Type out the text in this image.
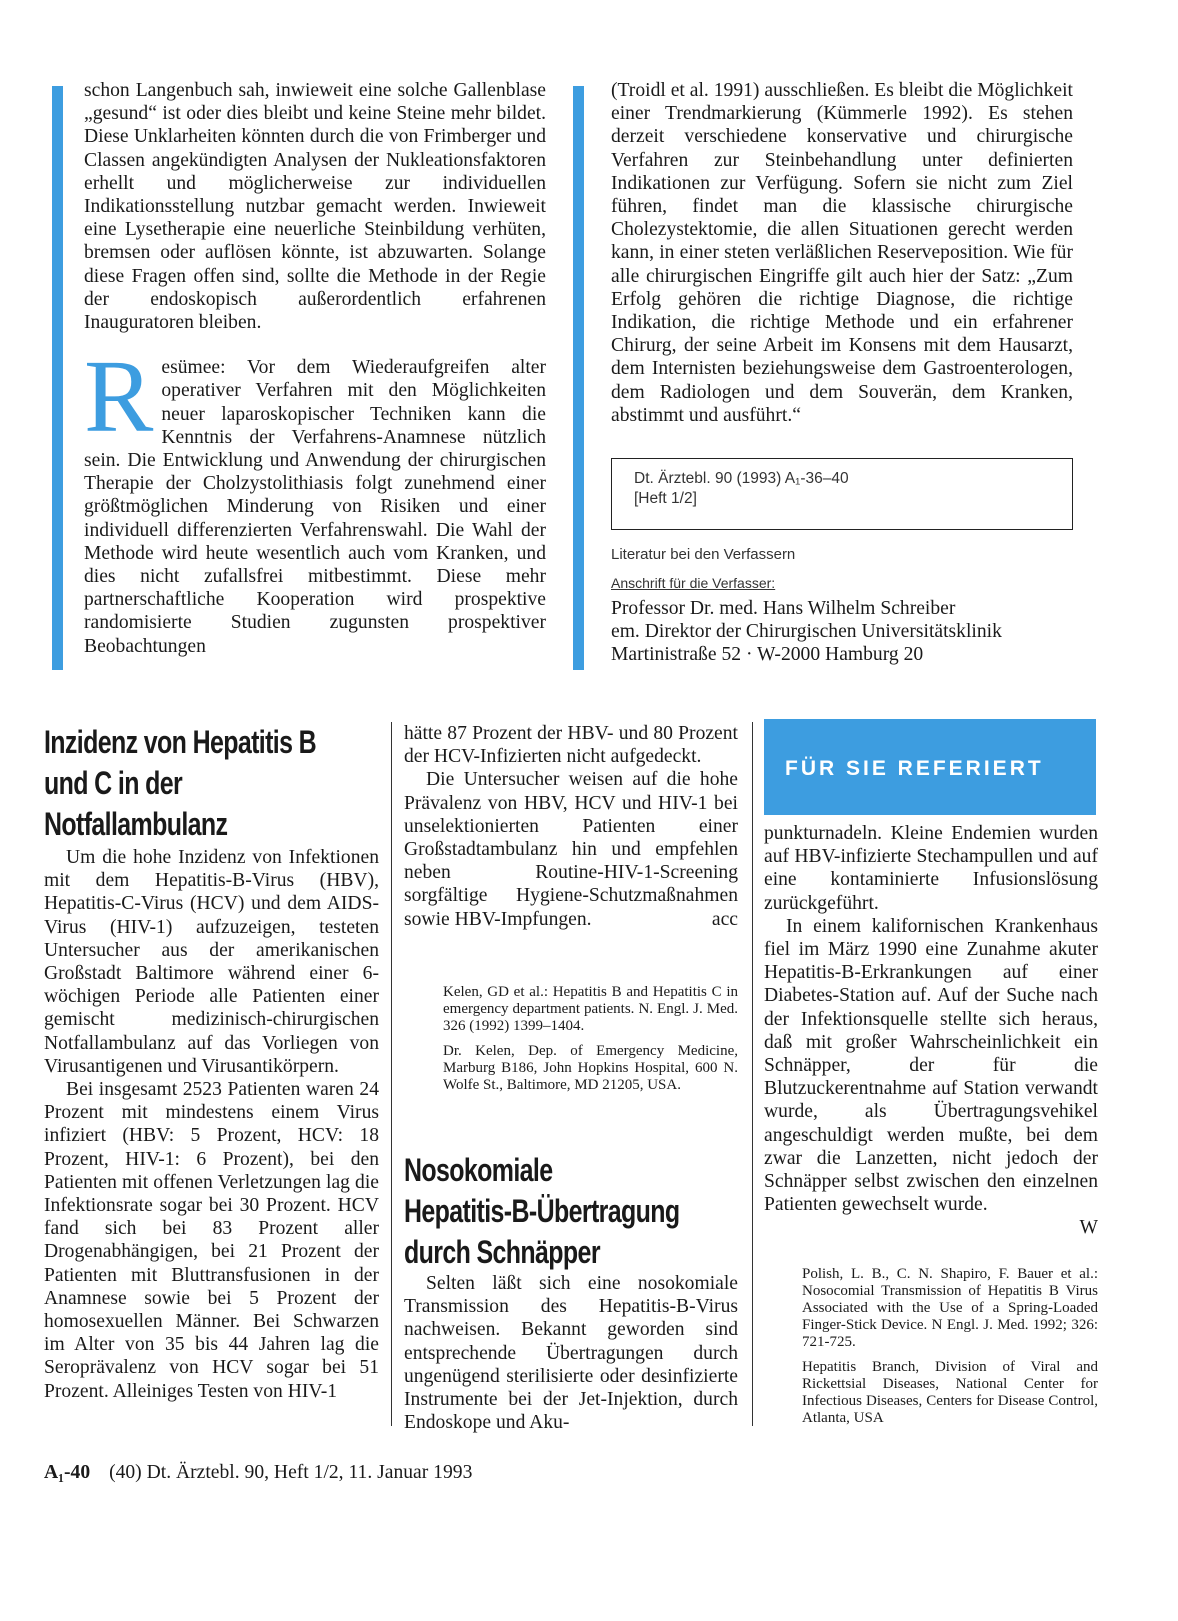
schon Langenbuch sah, inwieweit eine solche Gallenblase „gesund“ ist oder dies bleibt und keine Steine mehr bildet. Diese Unklarheiten könnten durch die von Frimberger und Classen angekündigten Analysen der Nukleationsfaktoren erhellt und möglicherweise zur individuellen Indikationsstellung nutzbar gemacht werden. Inwieweit eine Lysetherapie eine neuerliche Steinbildung verhüten, bremsen oder auflösen könnte, ist abzuwarten. Solange diese Fragen offen sind, sollte die Methode in der Regie der endoskopisch außerordentlich erfahrenen Inauguratoren bleiben.

Resümee: Vor dem Wiederaufgreifen alter operativer Verfahren mit den Möglichkeiten neuer laparoskopischer Techniken kann die Kenntnis der Verfahrens-Anamnese nützlich sein. Die Entwicklung und Anwendung der chirurgischen Therapie der Cholzystolithiasis folgt zunehmend einer größtmöglichen Minderung von Risiken und einer individuell differenzierten Verfahrenswahl. Die Wahl der Methode wird heute wesentlich auch vom Kranken, und dies nicht zufallsfrei mitbestimmt. Diese mehr partnerschaftliche Kooperation wird prospektive randomisierte Studien zugunsten prospektiver Beobachtungen

(Troidl et al. 1991) ausschließen. Es bleibt die Möglichkeit einer Trendmarkierung (Kümmerle 1992). Es stehen derzeit verschiedene konservative und chirurgische Verfahren zur Steinbehandlung unter definierten Indikationen zur Verfügung. Sofern sie nicht zum Ziel führen, findet man die klassische chirurgische Cholezystektomie, die allen Situationen gerecht werden kann, in einer steten verläßlichen Reserveposition. Wie für alle chirurgischen Eingriffe gilt auch hier der Satz: „Zum Erfolg gehören die richtige Diagnose, die richtige Indikation, die richtige Methode und ein erfahrener Chirurg, der seine Arbeit im Konsens mit dem Hausarzt, dem Internisten beziehungsweise dem Gastroenterologen, dem Radiologen und dem Souverän, dem Kranken, abstimmt und ausführt.“

Dt. Ärztebl. 90 (1993) A₁-36–40
[Heft 1/2]
Literatur bei den Verfassern
Anschrift für die Verfasser:
Professor Dr. med. Hans Wilhelm Schreiber
em. Direktor der Chirurgischen Universitätsklinik
Martinistraße 52 · W-2000 Hamburg 20
Inzidenz von Hepatitis B
und C in der
Notfallambulanz

Um die hohe Inzidenz von Infektionen mit dem Hepatitis-B-Virus (HBV), Hepatitis-C-Virus (HCV) und dem AIDS-Virus (HIV-1) aufzuzeigen, testeten Untersucher aus der amerikanischen Großstadt Baltimore während einer 6-wöchigen Periode alle Patienten einer gemischt medizinisch-chirurgischen Notfallambulanz auf das Vorliegen von Virusantigenen und Virusantikörpern.

Bei insgesamt 2523 Patienten waren 24 Prozent mit mindestens einem Virus infiziert (HBV: 5 Prozent, HCV: 18 Prozent, HIV-1: 6 Prozent), bei den Patienten mit offenen Verletzungen lag die Infektionsrate sogar bei 30 Prozent. HCV fand sich bei 83 Prozent aller Drogenabhängigen, bei 21 Prozent der Patienten mit Bluttransfusionen in der Anamnese sowie bei 5 Prozent der homosexuellen Männer. Bei Schwarzen im Alter von 35 bis 44 Jahren lag die Seroprävalenz von HCV sogar bei 51 Prozent. Alleiniges Testen von HIV-1

hätte 87 Prozent der HBV- und 80 Prozent der HCV-Infizierten nicht aufgedeckt.

Die Untersucher weisen auf die hohe Prävalenz von HBV, HCV und HIV-1 bei unselektionierten Patienten einer Großstadtambulanz hin und empfehlen neben Routine-HIV-1-Screening sorgfältige Hygiene-Schutzmaßnahmen sowie HBV-Impfungen.	acc

Kelen, GD et al.: Hepatitis B and Hepatitis C in emergency department patients. N. Engl. J. Med. 326 (1992) 1399–1404.

Dr. Kelen, Dep. of Emergency Medicine, Marburg B186, John Hopkins Hospital, 600 N. Wolfe St., Baltimore, MD 21205, USA.

Nosokomiale
Hepatitis-B-Übertragung
durch Schnäpper

Selten läßt sich eine nosokomiale Transmission des Hepatitis-B-Virus nachweisen. Bekannt geworden sind entsprechende Übertragungen durch ungenügend sterilisierte oder desinfizierte Instrumente bei der Jet-Injektion, durch Endoskope und Aku-

FÜR SIE REFERIERT

punkturnadeln. Kleine Endemien wurden auf HBV-infizierte Stechampullen und auf eine kontaminierte Infusionslösung zurückgeführt.

In einem kalifornischen Krankenhaus fiel im März 1990 eine Zunahme akuter Hepatitis-B-Erkrankungen auf einer Diabetes-Station auf. Auf der Suche nach der Infektionsquelle stellte sich heraus, daß mit großer Wahrscheinlichkeit ein Schnäpper, der für die Blutzuckerentnahme auf Station verwandt wurde, als Übertragungsvehikel angeschuldigt werden mußte, bei dem zwar die Lanzetten, nicht jedoch der Schnäpper selbst zwischen den einzelnen Patienten gewechselt wurde.

W

Polish, L. B., C. N. Shapiro, F. Bauer et al.: Nosocomial Transmission of Hepatitis B Virus Associated with the Use of a Spring-Loaded Finger-Stick Device. N Engl. J. Med. 1992; 326: 721-725.

Hepatitis Branch, Division of Viral and Rickettsial Diseases, National Center for Infectious Diseases, Centers for Disease Control, Atlanta, USA

A₁-40 (40) Dt. Ärztebl. 90, Heft 1/2, 11. Januar 1993
